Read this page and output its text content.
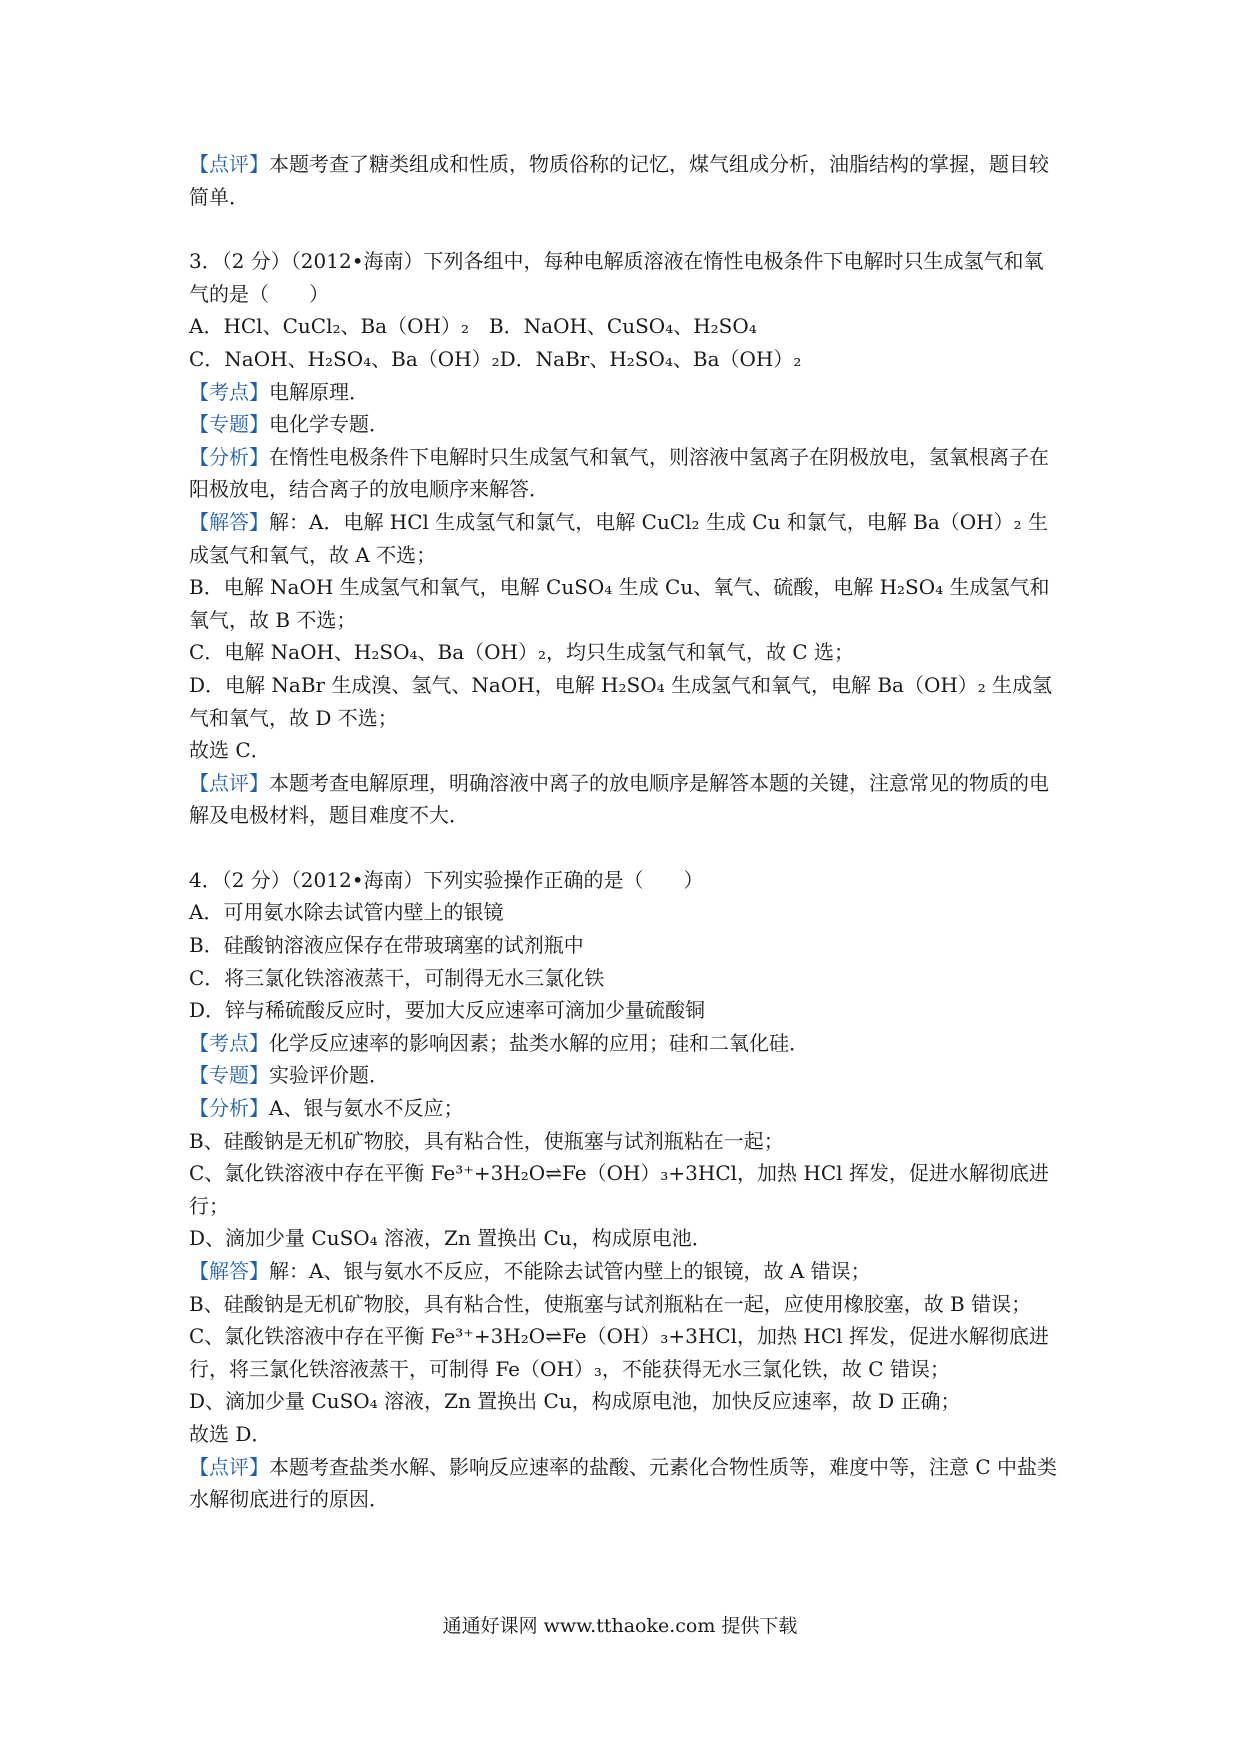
【点评】本题考查了糖类组成和性质，物质俗称的记忆，煤气组成分析，油脂结构的掌握，题目较简单．
3．（2 分）（2012•海南）下列各组中，每种电解质溶液在惰性电极条件下电解时只生成氢气和氧气的是（　　）
A．HCl、CuCl₂、Ba（OH）₂　B．NaOH、CuSO₄、H₂SO₄
C．NaOH、H₂SO₄、Ba（OH）₂D．NaBr、H₂SO₄、Ba（OH）₂
【考点】电解原理．
【专题】电化学专题．
【分析】在惰性电极条件下电解时只生成氢气和氧气，则溶液中氢离子在阴极放电，氢氧根离子在阳极放电，结合离子的放电顺序来解答．
【解答】解：A．电解 HCl 生成氢气和氯气，电解 CuCl₂ 生成 Cu 和氯气，电解 Ba（OH）₂ 生成氢气和氧气，故 A 不选；
B．电解 NaOH 生成氢气和氧气，电解 CuSO₄ 生成 Cu、氧气、硫酸，电解 H₂SO₄ 生成氢气和氧气，故 B 不选；
C．电解 NaOH、H₂SO₄、Ba（OH）₂，均只生成氢气和氧气，故 C 选；
D．电解 NaBr 生成溴、氢气、NaOH，电解 H₂SO₄ 生成氢气和氧气，电解 Ba（OH）₂ 生成氢气和氧气，故 D 不选；
故选 C．
【点评】本题考查电解原理，明确溶液中离子的放电顺序是解答本题的关键，注意常见的物质的电解及电极材料，题目难度不大．
4．（2 分）（2012•海南）下列实验操作正确的是（　　）
A．可用氨水除去试管内壁上的银镜
B．硅酸钠溶液应保存在带玻璃塞的试剂瓶中
C．将三氯化铁溶液蒸干，可制得无水三氯化铁
D．锌与稀硫酸反应时，要加大反应速率可滴加少量硫酸铜
【考点】化学反应速率的影响因素；盐类水解的应用；硅和二氧化硅．
【专题】实验评价题．
【分析】A、银与氨水不反应；
B、硅酸钠是无机矿物胶，具有粘合性，使瓶塞与试剂瓶粘在一起；
C、氯化铁溶液中存在平衡 Fe³⁺+3H₂O⇌Fe（OH）₃+3HCl，加热 HCl 挥发，促进水解彻底进行；
D、滴加少量 CuSO₄ 溶液，Zn 置换出 Cu，构成原电池．
【解答】解：A、银与氨水不反应，不能除去试管内壁上的银镜，故 A 错误；
B、硅酸钠是无机矿物胶，具有粘合性，使瓶塞与试剂瓶粘在一起，应使用橡胶塞，故 B 错误；
C、氯化铁溶液中存在平衡 Fe³⁺+3H₂O⇌Fe（OH）₃+3HCl，加热 HCl 挥发，促进水解彻底进行，将三氯化铁溶液蒸干，可制得 Fe（OH）₃，不能获得无水三氯化铁，故 C 错误；
D、滴加少量 CuSO₄ 溶液，Zn 置换出 Cu，构成原电池，加快反应速率，故 D 正确；
故选 D．
【点评】本题考查盐类水解、影响反应速率的盐酸、元素化合物性质等，难度中等，注意 C 中盐类水解彻底进行的原因．
通通好课网 www.tthaoke.com 提供下载
